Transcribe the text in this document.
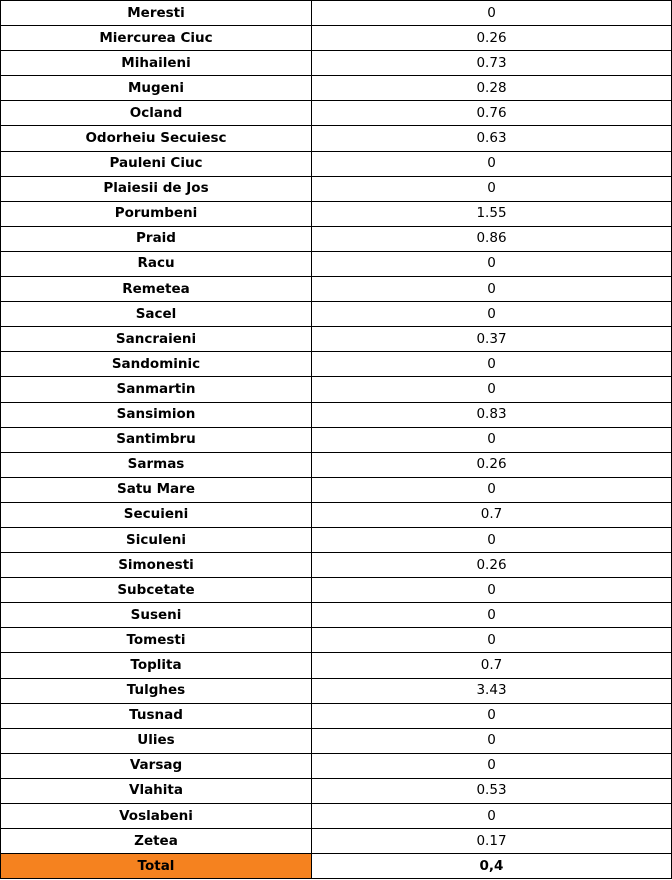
Meresti	0
Miercurea Ciuc	0.26
Mihaileni	0.73
Mugeni	0.28
Ocland	0.76
Odorheiu Secuiesc	0.63
Pauleni Ciuc	0
Plaiesii de Jos	0
Porumbeni	1.55
Praid	0.86
Racu	0
Remetea	0
Sacel	0
Sancraieni	0.37
Sandominic	0
Sanmartin	0
Sansimion	0.83
Santimbru	0
Sarmas	0.26
Satu Mare	0
Secuieni	0.7
Siculeni	0
Simonesti	0.26
Subcetate	0
Suseni	0
Tomesti	0
Toplita	0.7
Tulghes	3.43
Tusnad	0
Ulies	0
Varsag	0
Vlahita	0.53
Voslabeni	0
Zetea	0.17
Total	0,4
